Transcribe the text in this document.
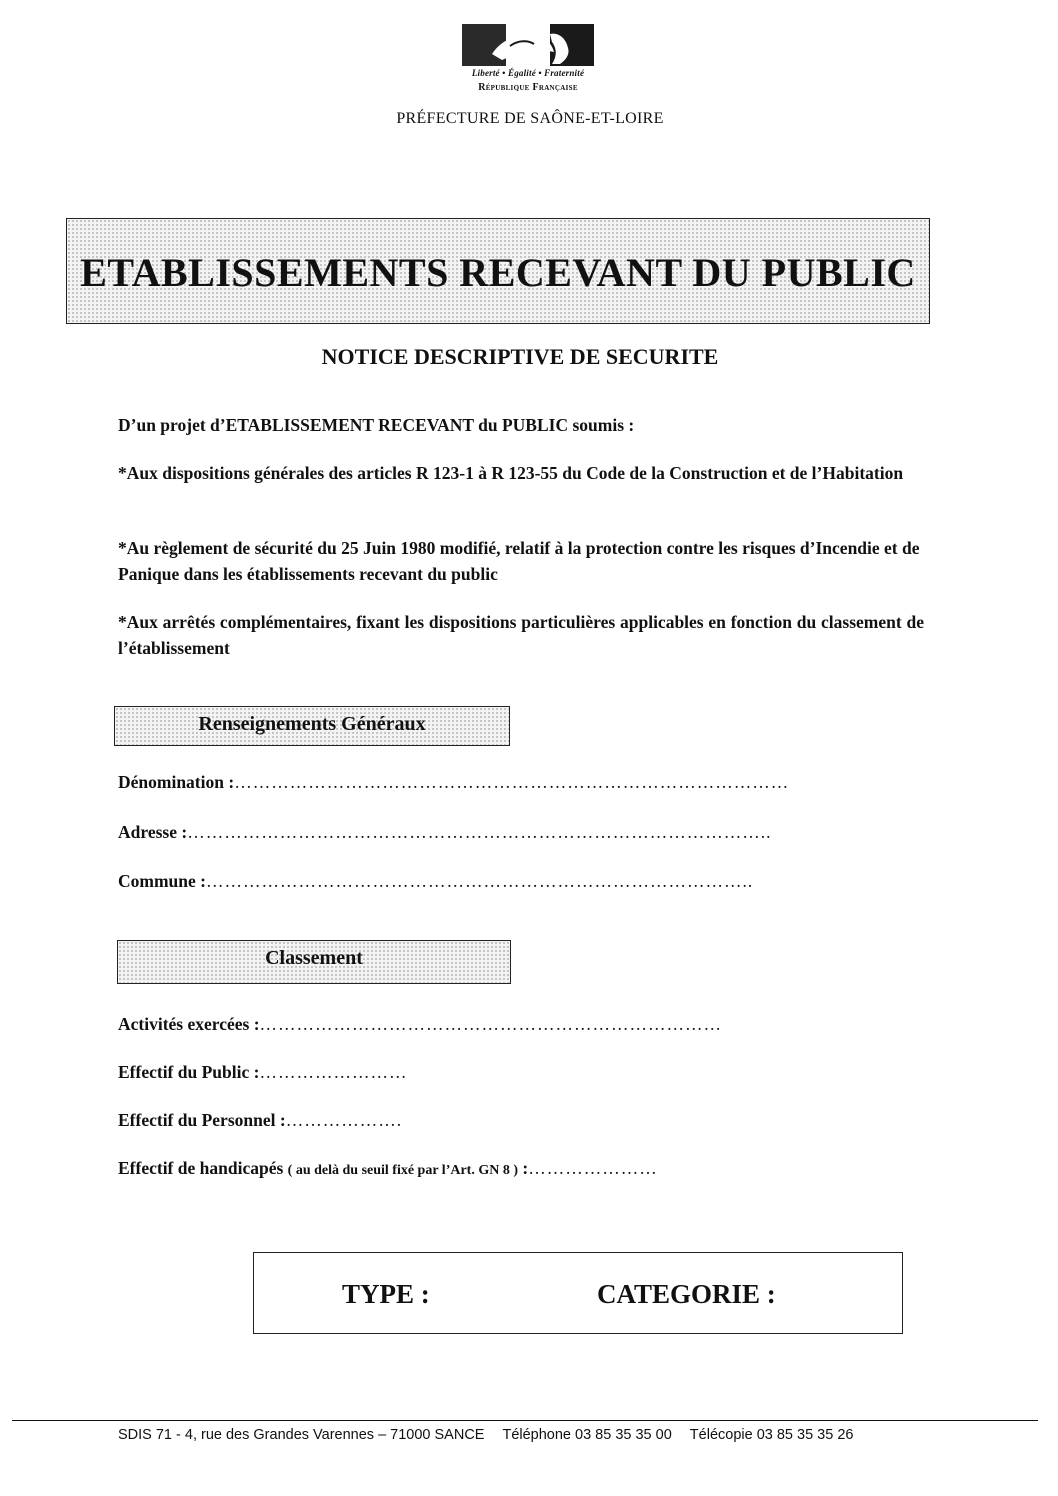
Liberté • Égalité • Fraternité
République Française
PRÉFECTURE DE SAÔNE-ET-LOIRE
ETABLISSEMENTS RECEVANT DU PUBLIC
NOTICE DESCRIPTIVE DE SECURITE
D’un projet d’ETABLISSEMENT RECEVANT du PUBLIC soumis :
*Aux dispositions générales des articles R 123-1 à R 123-55 du Code de la Construction et de l’Habitation
*Au règlement de sécurité du 25 Juin 1980 modifié, relatif à la protection contre les risques d’Incendie et de Panique dans les établissements recevant du public
*Aux arrêtés complémentaires, fixant les dispositions particulières applicables en fonction du classement de l’établissement
Renseignements Généraux
Dénomination :………………………………………………………………………………
Adresse :…………………………………………………………………………………..
Commune :……………………………………………………………………………..
Classement
Activités exercées :…………………………………………………………………
Effectif du Public :……………………
Effectif du Personnel :……………….
Effectif de handicapés ( au delà du seuil fixé par l’Art. GN 8 ) :…………………
TYPE :	CATEGORIE :
SDIS 71 - 4, rue des Grandes Varennes – 71000 SANCE Téléphone 03 85 35 35 00 Télécopie 03 85 35 35 26
